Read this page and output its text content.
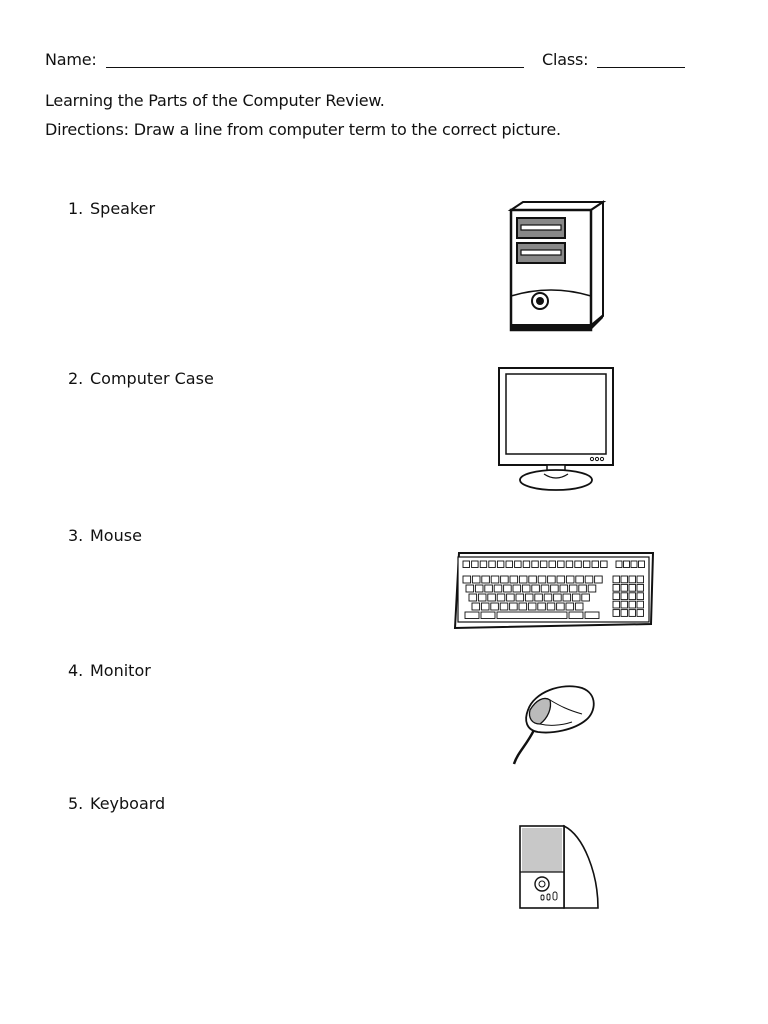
Name:	Class:
Learning the Parts of the Computer Review.
Directions: Draw a line from computer term to the correct picture.
1. Speaker
2. Computer Case
3. Mouse
4. Monitor
5. Keyboard
